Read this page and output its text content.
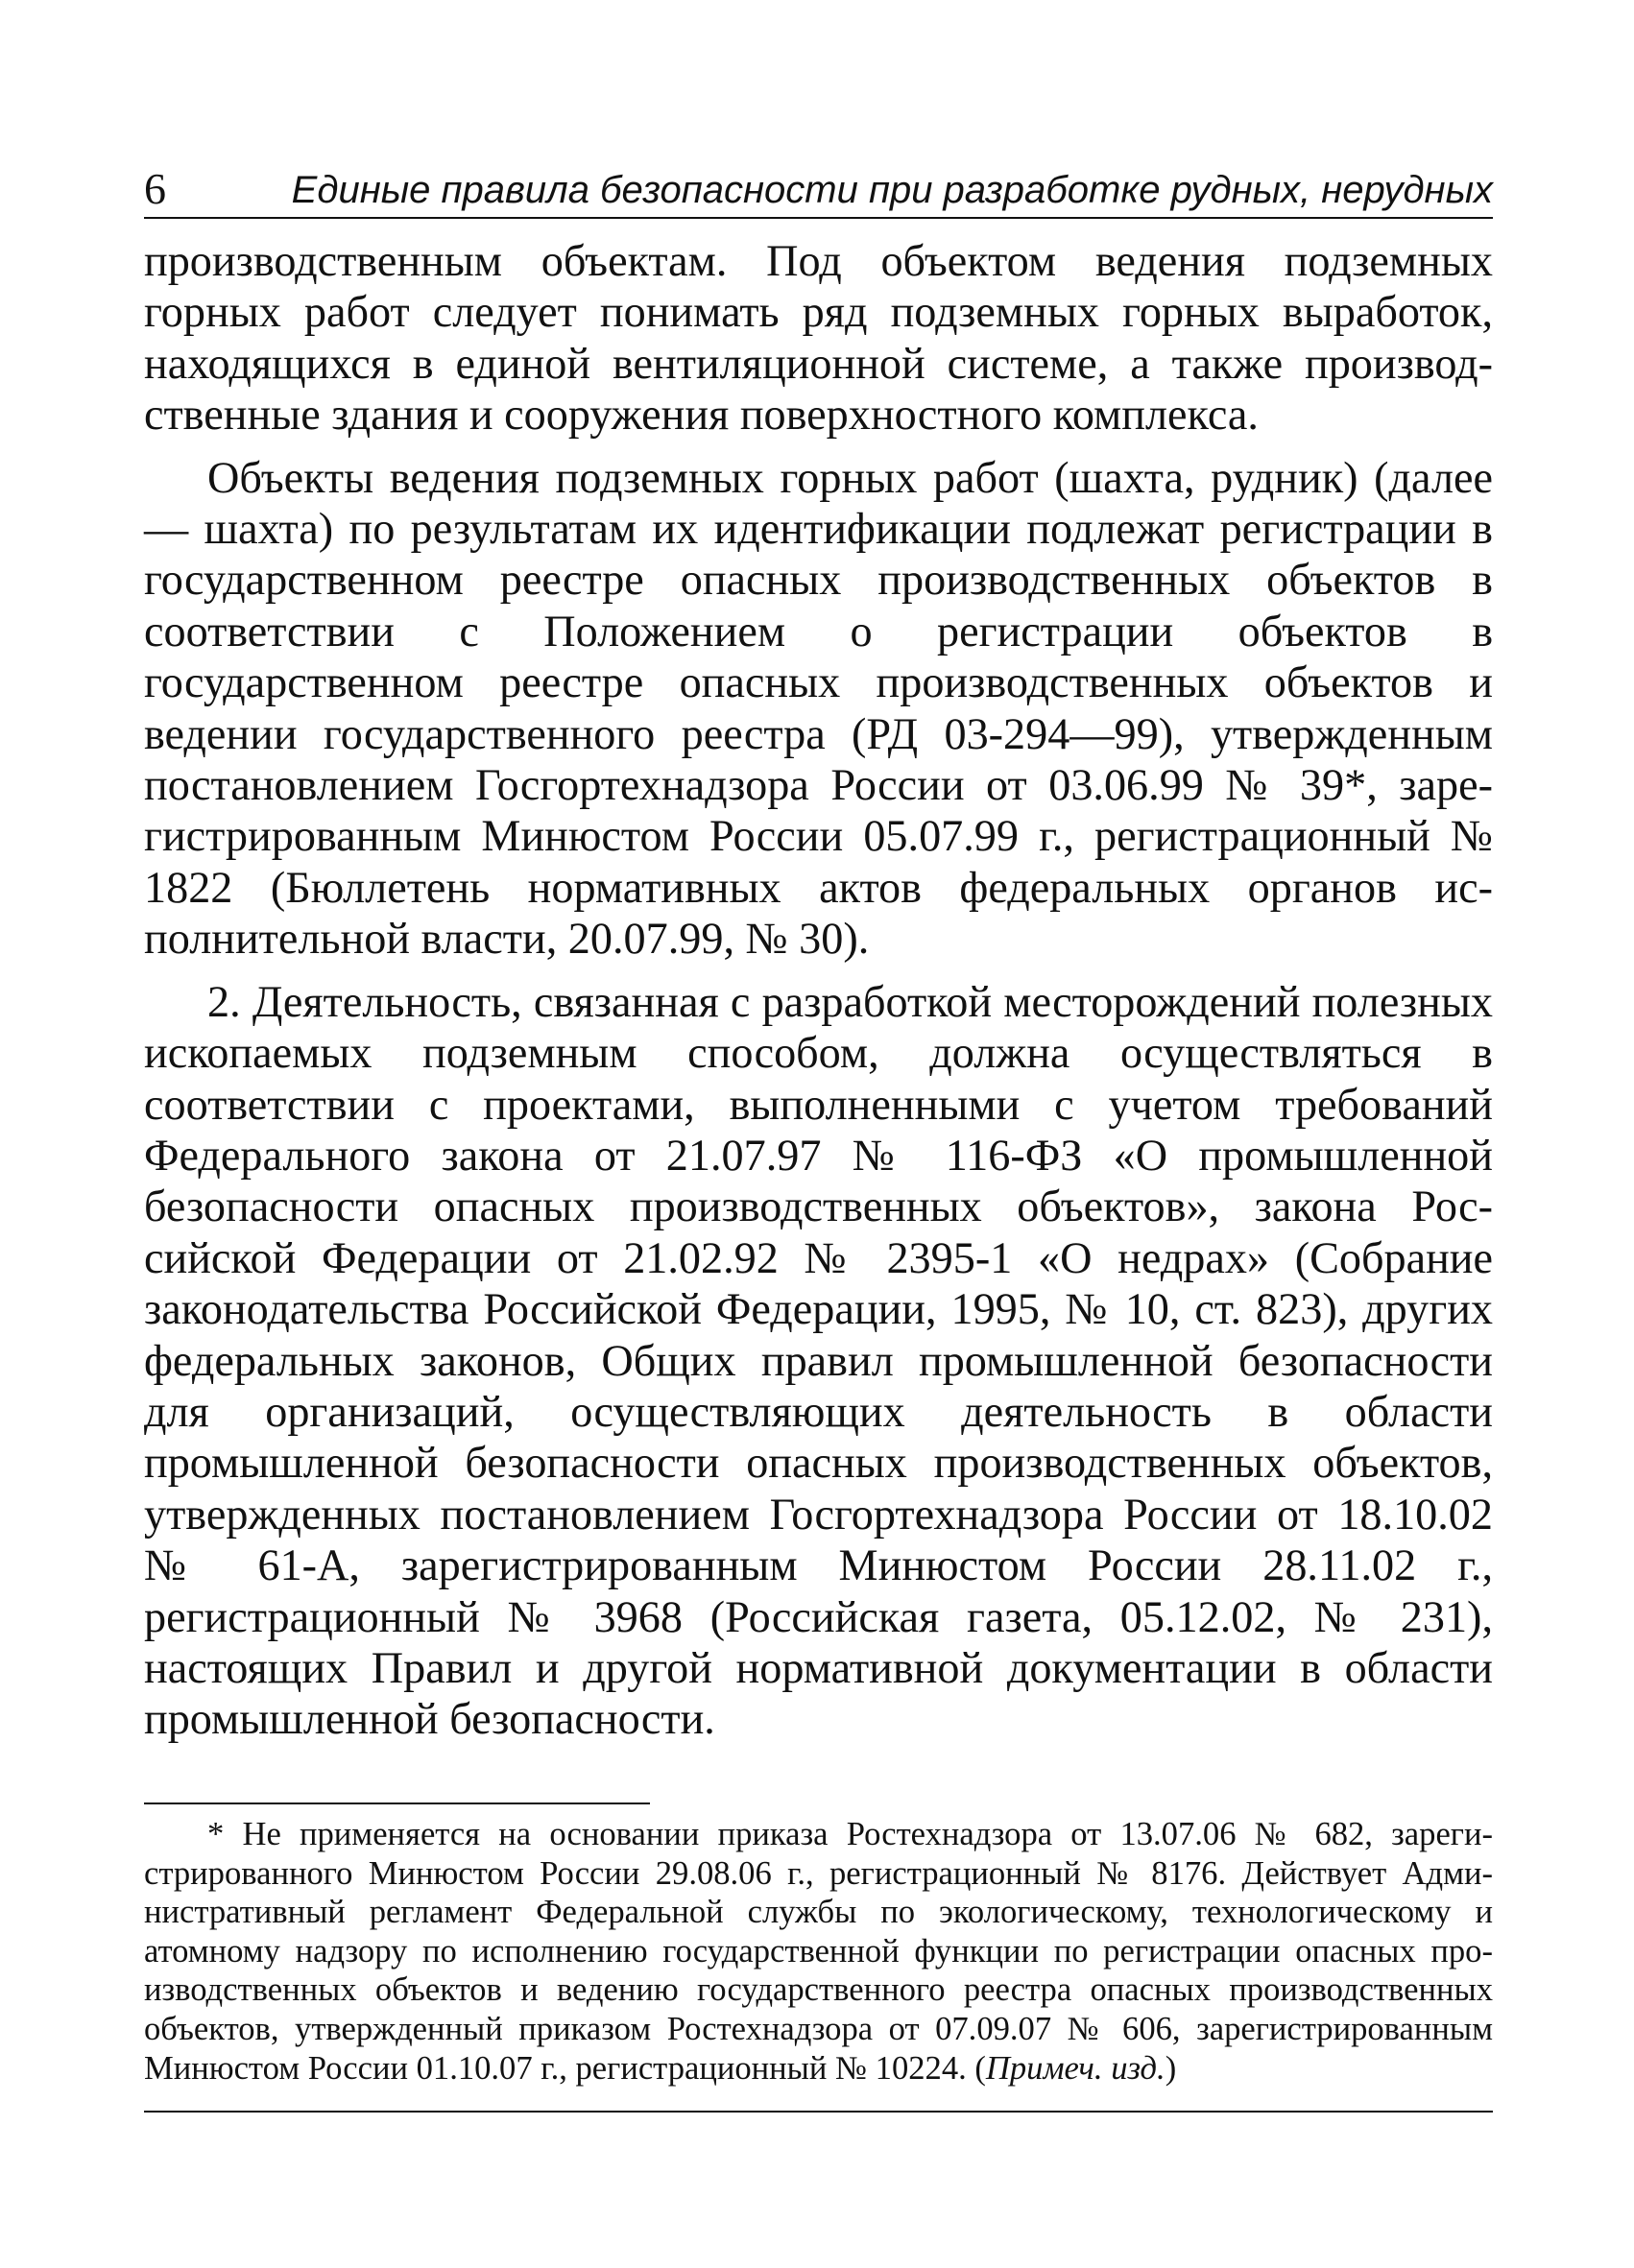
6	Единые правила безопасности при разработке рудных, нерудных

производственным объектам. Под объектом ведения подземных горных работ следует понимать ряд подземных горных выработок, находящихся в единой вентиляционной системе, а также производственные здания и сооружения поверхностного комплекса.

Объекты ведения подземных горных работ (шахта, рудник) (далее — шахта) по результатам их идентификации подлежат регистрации в государственном реестре опасных производственных объектов в соответствии с Положением о регистрации объектов в государственном реестре опасных производственных объектов и ведении государственного реестра (РД 03-294—99), утвержденным постановлением Госгортехнадзора России от 03.06.99 № 39*, зарегистрированным Минюстом России 05.07.99 г., регистрационный № 1822 (Бюллетень нормативных актов федеральных органов исполнительной власти, 20.07.99, № 30).

2. Деятельность, связанная с разработкой месторождений полезных ископаемых подземным способом, должна осуществляться в соответствии с проектами, выполненными с учетом требований Федерального закона от 21.07.97 № 116-ФЗ «О промышленной безопасности опасных производственных объектов», закона Российской Федерации от 21.02.92 № 2395-1 «О недрах» (Собрание законодательства Российской Федерации, 1995, № 10, ст. 823), других федеральных законов, Общих правил промышленной безопасности для организаций, осуществляющих деятельность в области промышленной безопасности опасных производственных объектов, утвержденных постановлением Госгортехнадзора России от 18.10.02 № 61-А, зарегистрированным Минюстом России 28.11.02 г., регистрационный № 3968 (Российская газета, 05.12.02, № 231), настоящих Правил и другой нормативной документации в области промышленной безопасности.

* Не применяется на основании приказа Ростехнадзора от 13.07.06 № 682, зарегистрированного Минюстом России 29.08.06 г., регистрационный № 8176. Действует Административный регламент Федеральной службы по экологическому, технологическому и атомному надзору по исполнению государственной функции по регистрации опасных производственных объектов и ведению государственного реестра опасных производственных объектов, утвержденный приказом Ростехнадзора от 07.09.07 № 606, зарегистрированным Минюстом России 01.10.07 г., регистрационный № 10224. (Примеч. изд.)
